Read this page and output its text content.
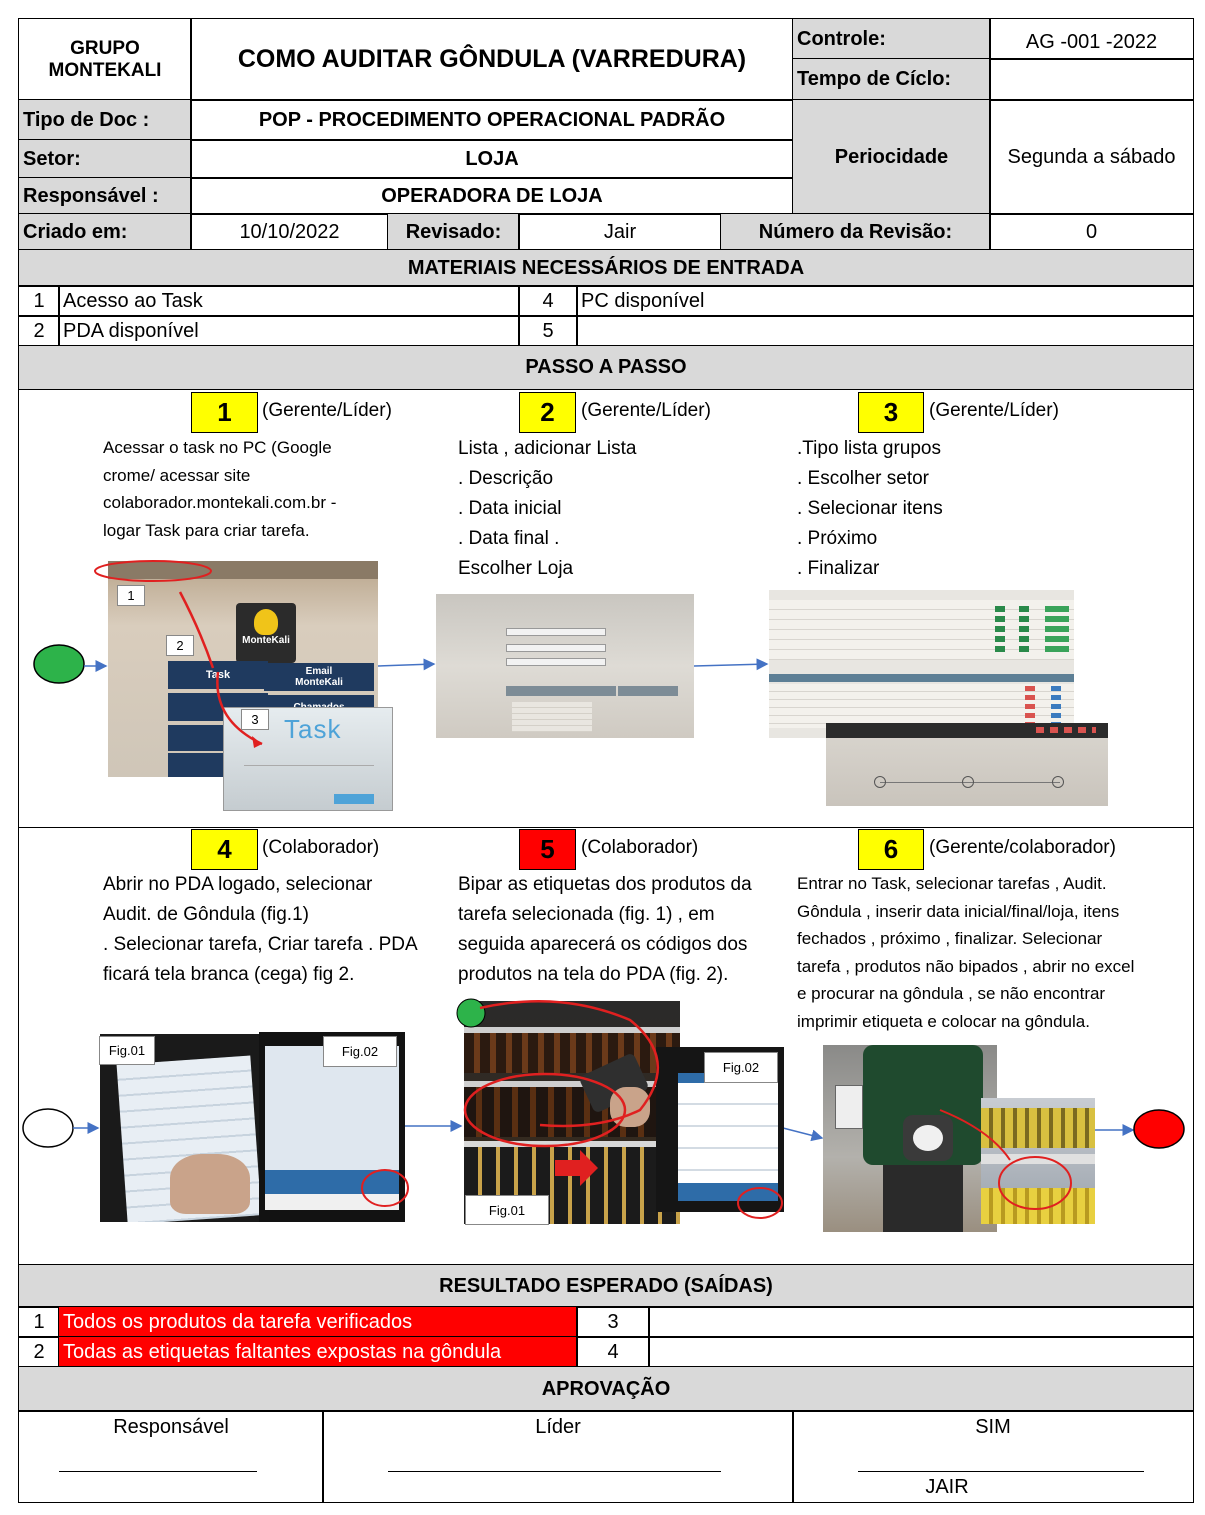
GRUPO
MONTEKALI	COMO AUDITAR GÔNDULA (VARREDURA)
Controle:	AG -001 -2022
Tempo de Cíclo:
Tipo de Doc :	POP - PROCEDIMENTO OPERACIONAL PADRÃO
Setor:	LOJA
Responsável :	OPERADORA DE LOJA
Periocidade	Segunda a sábado
Criado em:	10/10/2022	Revisado:	Jair	Número da Revisão:	0
MATERIAIS NECESSÁRIOS DE ENTRADA
1 Acesso ao Task	4	PC disponível
2 PDA disponível	5
PASSO A PASSO
1	(Gerente/Líder)
Acessar o task no PC (Google
crome/ acessar site
colaborador.montekali.com.br -
logar Task para criar tarefa.
2	(Gerente/Líder)
Lista , adicionar Lista
. Descrição
. Data inicial
. Data final .
Escolher Loja
3	(Gerente/Líder)
.Tipo lista grupos
. Escolher setor
. Selecionar itens
. Próximo
. Finalizar
MonteKali
Task	Email
MonteKali
Task
1
2
3
4	(Colaborador)
Abrir no PDA logado, selecionar
Audit. de Gôndula (fig.1)
. Selecionar tarefa, Criar tarefa . PDA
ficará tela branca (cega) fig 2.
5	(Colaborador)
Bipar as etiquetas dos produtos da
tarefa selecionada (fig. 1) , em
seguida aparecerá os códigos dos
produtos na tela do PDA (fig. 2).
6	(Gerente/colaborador)
Entrar no Task, selecionar tarefas , Audit.
Gôndula , inserir data inicial/final/loja, itens
fechados , próximo , finalizar. Selecionar
tarefa , produtos não bipados , abrir no excel
e procurar na gôndula , se não encontrar
imprimir etiqueta e colocar na gôndula.
Fig.01	Fig.02
Fig.02
Fig.01
RESULTADO ESPERADO (SAÍDAS)
1 Todos os produtos da tarefa verificados	3
2 Todas as etiquetas faltantes expostas na gôndula	4
APROVAÇÃO
Responsável	Líder	SIM
JAIR
